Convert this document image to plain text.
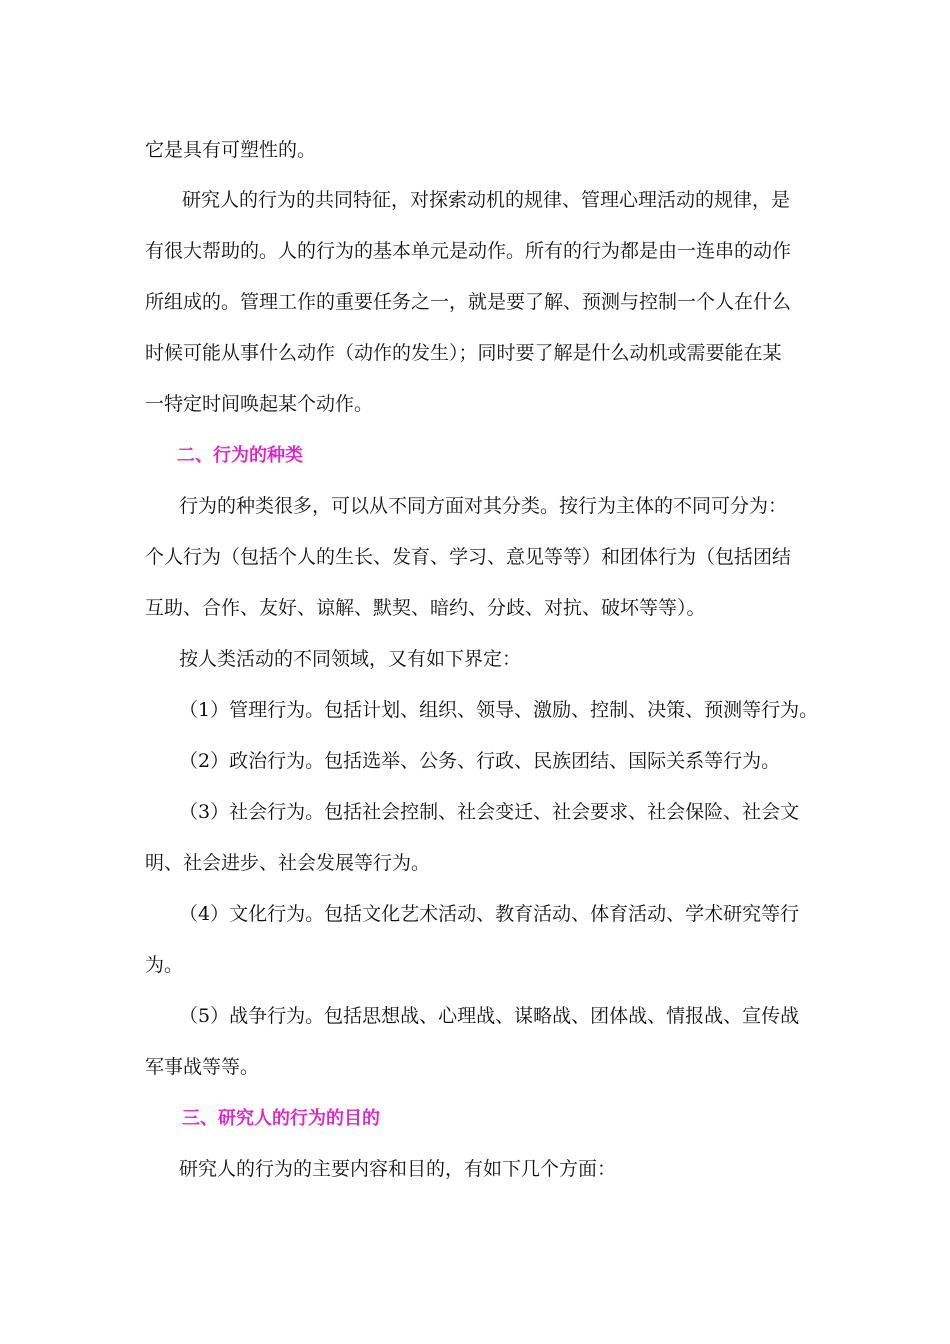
它是具有可塑性的。
研究人的行为的共同特征，对探索动机的规律、管理心理活动的规律，是
有很大帮助的。人的行为的基本单元是动作。所有的行为都是由一连串的动作
所组成的。管理工作的重要任务之一，就是要了解、预测与控制一个人在什么
时候可能从事什么动作（动作的发生）；同时要了解是什么动机或需要能在某
一特定时间唤起某个动作。
二、行为的种类
行为的种类很多，可以从不同方面对其分类。按行为主体的不同可分为：
个人行为（包括个人的生长、发育、学习、意见等等）和团体行为（包括团结
互助、合作、友好、谅解、默契、暗约、分歧、对抗、破坏等等）。
按人类活动的不同领域，又有如下界定：
（1）管理行为。包括计划、组织、领导、激励、控制、决策、预测等行为。
（2）政治行为。包括选举、公务、行政、民族团结、国际关系等行为。
（3）社会行为。包括社会控制、社会变迁、社会要求、社会保险、社会文
明、社会进步、社会发展等行为。
（4）文化行为。包括文化艺术活动、教育活动、体育活动、学术研究等行
为。
（5）战争行为。包括思想战、心理战、谋略战、团体战、情报战、宣传战
军事战等等。
三、研究人的行为的目的
研究人的行为的主要内容和目的，有如下几个方面：
